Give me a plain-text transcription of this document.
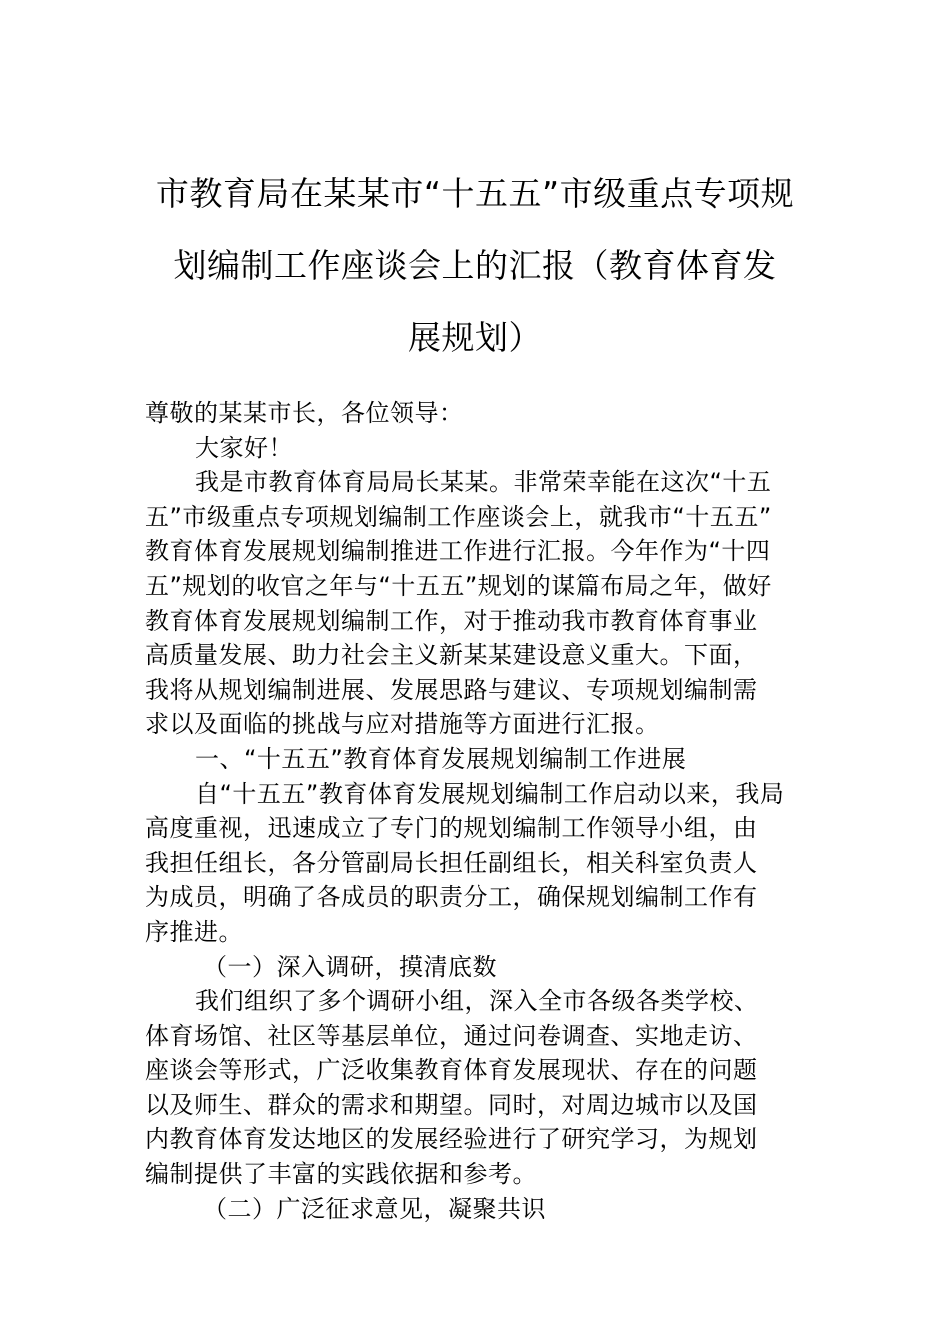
市教育局在某某市“十五五”市级重点专项规
划编制工作座谈会上的汇报（教育体育发
展规划）
尊敬的某某市长，各位领导：
大家好！
我是市教育体育局局长某某。非常荣幸能在这次“十五
五”市级重点专项规划编制工作座谈会上，就我市“十五五”
教育体育发展规划编制推进工作进行汇报。今年作为“十四
五”规划的收官之年与“十五五”规划的谋篇布局之年，做好
教育体育发展规划编制工作，对于推动我市教育体育事业
高质量发展、助力社会主义新某某建设意义重大。下面，
我将从规划编制进展、发展思路与建议、专项规划编制需
求以及面临的挑战与应对措施等方面进行汇报。
一、“十五五”教育体育发展规划编制工作进展
自“十五五”教育体育发展规划编制工作启动以来，我局
高度重视，迅速成立了专门的规划编制工作领导小组，由
我担任组长，各分管副局长担任副组长，相关科室负责人
为成员，明确了各成员的职责分工，确保规划编制工作有
序推进。
（一）深入调研，摸清底数
我们组织了多个调研小组，深入全市各级各类学校、
体育场馆、社区等基层单位，通过问卷调查、实地走访、
座谈会等形式，广泛收集教育体育发展现状、存在的问题
以及师生、群众的需求和期望。同时，对周边城市以及国
内教育体育发达地区的发展经验进行了研究学习，为规划
编制提供了丰富的实践依据和参考。
（二）广泛征求意见，凝聚共识
